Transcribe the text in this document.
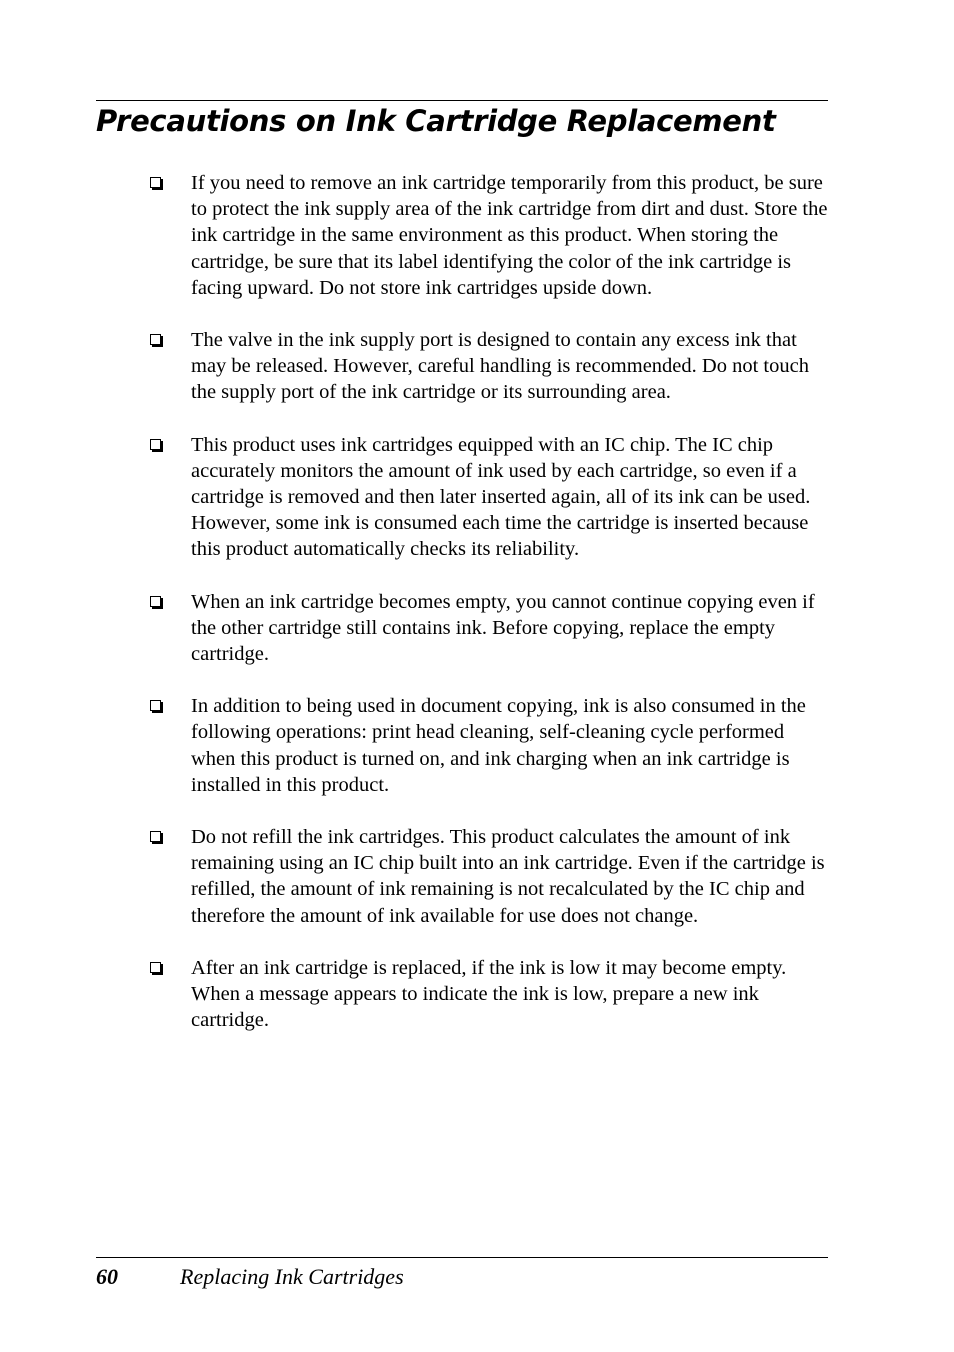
Precautions on Ink Cartridge Replacement
If you need to remove an ink cartridge temporarily from this product, be sure to protect the ink supply area of the ink cartridge from dirt and dust. Store the ink cartridge in the same environment as this product. When storing the cartridge, be sure that its label identifying the color of the ink cartridge is facing upward. Do not store ink cartridges upside down.
The valve in the ink supply port is designed to contain any excess ink that may be released. However, careful handling is recommended. Do not touch the supply port of the ink cartridge or its surrounding area.
This product uses ink cartridges equipped with an IC chip. The IC chip accurately monitors the amount of ink used by each cartridge, so even if a cartridge is removed and then later inserted again, all of its ink can be used. However, some ink is consumed each time the cartridge is inserted because this product automatically checks its reliability.
When an ink cartridge becomes empty, you cannot continue copying even if the other cartridge still contains ink. Before copying, replace the empty cartridge.
In addition to being used in document copying, ink is also consumed in the following operations: print head cleaning, self-cleaning cycle performed when this product is turned on, and ink charging when an ink cartridge is installed in this product.
Do not refill the ink cartridges. This product calculates the amount of ink remaining using an IC chip built into an ink cartridge. Even if the cartridge is refilled, the amount of ink remaining is not recalculated by the IC chip and therefore the amount of ink available for use does not change.
After an ink cartridge is replaced, if the ink is low it may become empty. When a message appears to indicate the ink is low, prepare a new ink cartridge.
60	Replacing Ink Cartridges
